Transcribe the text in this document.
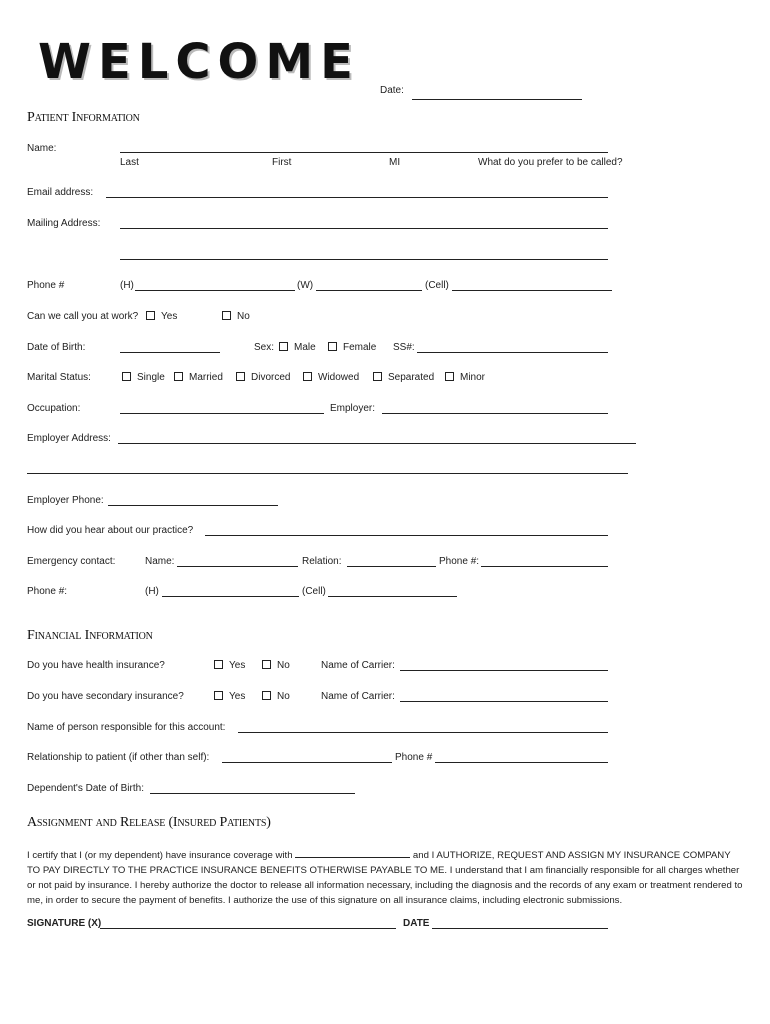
WELCOME
Date:
Patient Information
Name:
Last	First	MI	What do you prefer to be called?
Email address:
Mailing Address:
Phone #	(H)	(W)	(Cell)
Can we call you at work?	Yes	No
Date of Birth:	Sex:	Male	Female SS#:
Marital Status:	Single	Married	Divorced	Widowed	Separated	Minor
Occupation:	Employer:
Employer Address:
Employer Phone:
How did you hear about our practice?
Emergency contact:	Name:	Relation:	Phone #:
Phone #:	(H)	(Cell)
Financial Information
Do you have health insurance?	Yes	No	Name of Carrier:
Do you have secondary insurance?	Yes	No	Name of Carrier:
Name of person responsible for this account:
Relationship to patient (if other than self):	Phone #
Dependent's Date of Birth:
Assignment and Release (Insured Patients)
I certify that I (or my dependent) have insurance coverage with	and I AUTHORIZE, REQUEST AND ASSIGN MY INSURANCE COMPANY TO PAY DIRECTLY TO THE PRACTICE INSURANCE BENEFITS OTHERWISE PAYABLE TO ME. I understand that I am financially responsible for all charges whether or not paid by insurance. I hereby authorize the doctor to release all information necessary, including the diagnosis and the records of any exam or treatment rendered to me, in order to secure the payment of benefits. I authorize the use of this signature on all insurance claims, including electronic submissions.
SIGNATURE (X)	DATE
